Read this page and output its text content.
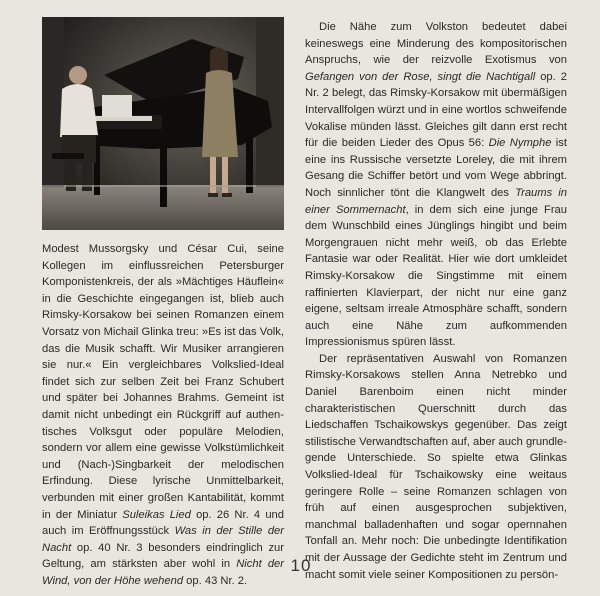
Modest Mussorgsky und César Cui, seine Kollegen im einflussreichen Petersburger Komponistenkreis, der als »Mächtiges Häuflein« in die Geschichte eingegangen ist, blieb auch Rimsky-Korsakow bei seinen Romanzen einem Vorsatz von Michail Glinka treu: »Es ist das Volk, das die Musik schafft. Wir Musiker arrangieren sie nur.« Ein vergleichbares Volkslied-Ideal findet sich zur selben Zeit bei Franz Schubert und später bei Johannes Brahms. Gemeint ist damit nicht unbedingt ein Rückgriff auf authentisches Volksgut oder populäre Melodien, sondern vor allem eine gewisse Volkstümlichkeit und (Nach-)Singbarkeit der melodischen Erfindung. Diese lyrische Unmittelbarkeit, verbunden mit einer großen Kantabilität, kommt in der Miniatur Suleikas Lied op. 26 Nr. 4 und auch im Eröffnungsstück Was in der Stille der Nacht op. 40 Nr. 3 besonders eindringlich zur Geltung, am stärksten aber wohl in Nicht der Wind, von der Höhe wehend op. 43 Nr. 2.

Die Nähe zum Volkston bedeutet dabei keineswegs eine Minderung des kompositorischen Anspruchs, wie der reizvolle Exotismus von Gefangen von der Rose, singt die Nachtigall op. 2 Nr. 2 belegt, das Rimsky-Korsakow mit übermäßigen Intervallfolgen würzt und in eine wortlos schweifende Vokalise münden lässt. Gleiches gilt dann erst recht für die beiden Lieder des Opus 56: Die Nymphe ist eine ins Russische versetzte Loreley, die mit ihrem Gesang die Schiffer betört und vom Wege abbringt. Noch sinnlicher tönt die Klangwelt des Traums in einer Sommernacht, in dem sich eine junge Frau dem Wunschbild eines Jünglings hingibt und beim Morgengrauen nicht mehr weiß, ob das Erlebte Fantasie war oder Realität. Hier wie dort umkleidet Rimsky-Korsakow die Singstimme mit einem raffinierten Klavierpart, der nicht nur eine ganz eigene, seltsam irreale Atmosphäre schafft, sondern auch eine Nähe zum aufkommenden Impressionismus spüren lässt.

Der repräsentativen Auswahl von Romanzen Rimsky-Korsakows stellen Anna Netrebko und Daniel Barenboim einen nicht minder charakteristischen Querschnitt durch das Liedschaffen Tschaikowskys gegenüber. Das zeigt stilistische Verwandtschaften auf, aber auch grundlegende Unterschiede. So spielte etwa Glinkas Volkslied-Ideal für Tschaikowsky eine weitaus geringere Rolle – seine Romanzen schlagen von früh auf einen ausgesprochen subjektiven, manchmal balladenhaften und sogar opernnahen Tonfall an. Mehr noch: Die unbedingte Identifikation mit der Aussage der Gedichte steht im Zentrum und macht somit viele seiner Kompositionen zu persön-

10
